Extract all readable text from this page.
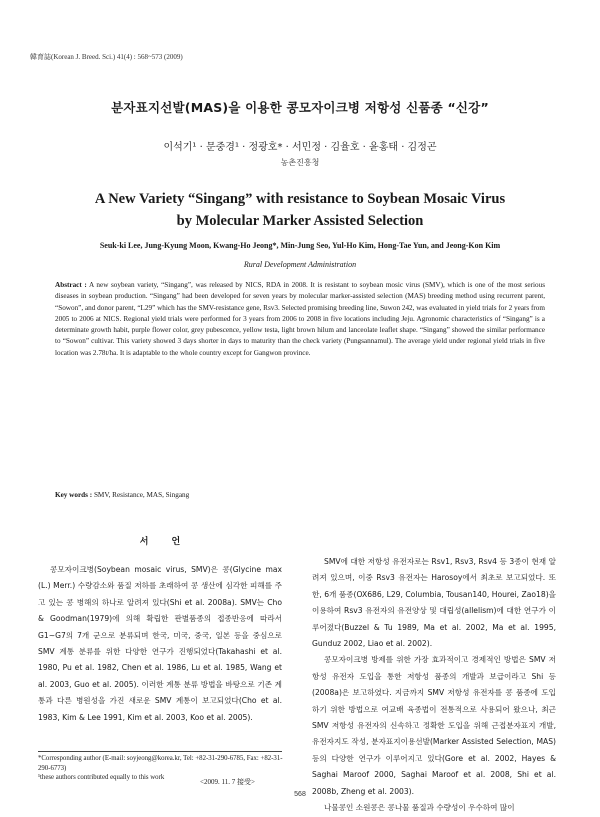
韓育誌(Korean J. Breed. Sci.) 41(4) : 568~573 (2009)
분자표지선발(MAS)을 이용한 콩모자이크병 저항성 신품종 “신강”
이석기¹ · 문중경¹ · 정광호* · 서민정 · 김율호 · 윤홍태 · 김정곤
농촌진흥청
A New Variety “Singang” with resistance to Soybean Mosaic Virus
by Molecular Marker Assisted Selection
Seuk-ki Lee, Jung-Kyung Moon, Kwang-Ho Jeong*, Min-Jung Seo, Yul-Ho Kim, Hong-Tae Yun, and Jeong-Kon Kim
Rural Development Administration
Abstract : A new soybean variety, “Singang”, was released by NICS, RDA in 2008. It is resistant to soybean mosic virus (SMV), which is one of the most serious diseases in soybean production. “Singang” had been developed for seven years by molecular marker-assisted selection (MAS) breeding method using recurrent parent, “Sowon”, and donor parent, “L29” which has the SMV-resistance gene, Rsv3. Selected promising breeding line, Suwon 242, was evaluated in yield trials for 2 years from 2005 to 2006 at NICS. Regional yield trials were performed for 3 years from 2006 to 2008 in five locations including Jeju. Agronomic characteristics of “Singang” is a determinate growth habit, purple flower color, grey pubescence, yellow testa, light brown hilum and lanceolate leaflet shape. “Singang” showed the similar performance to “Sowon” cultivar. This variety showed 3 days shorter in days to maturity than the check variety (Pungsannamul). The average yield under regional yield trials in five location was 2.78t/ha. It is adaptable to the whole country except for Gangwon province.
Key words : SMV, Resistance, MAS, Singang
서 언

콩모자이크병(Soybean mosaic virus, SMV)은 콩(Glycine max (L.) Merr.) 수량감소와 품질 저하를 초래하여 콩 생산에 심각한 피해를 주고 있는 콩 병해의 하나로 알려져 있다(Shi et al. 2008a). SMV는 Cho & Goodman(1979)에 의해 확립한 판별품종의 접종반응에 따라서 G1~G7의 7개 군으로 분류되며 한국, 미국, 중국, 일본 등을 중심으로 SMV 계통 분류를 위한 다양한 연구가 진행되었다(Takahashi et al. 1980, Pu et al. 1982, Chen et al. 1986, Lu et al. 1985, Wang et al. 2003, Guo et al. 2005). 이러한 계통 분류 방법을 바탕으로 기존 계통과 다른 병원성을 가진 새로운 SMV 계통이 보고되었다(Cho et al. 1983, Kim & Lee 1991, Kim et al. 2003, Koo et al. 2005).

SMV에 대한 저항성 유전자로는 Rsv1, Rsv3, Rsv4 등 3종이 현재 알려져 있으며, 이중 Rsv3 유전자는 Harosoy에서 최초로 보고되었다. 또한, 6개 품종(OX686, L29, Columbia, Tousan140, Hourei, Zao18)을 이용하여 Rsv3 유전자의 유전양상 및 대립성(allelism)에 대한 연구가 이루어졌다(Buzzel & Tu 1989, Ma et al. 2002, Ma et al. 1995, Gunduz 2002, Liao et al. 2002).

콩모자이크병 방제를 위한 가장 효과적이고 경제적인 방법은 SMV 저항성 유전자 도입을 통한 저항성 품종의 개발과 보급이라고 Shi 등(2008a)은 보고하였다. 지금까지 SMV 저항성 유전자를 콩 품종에 도입하기 위한 방법으로 여교배 육종법이 전통적으로 사용되어 왔으나, 최근 SMV 저항성 유전자의 신속하고 정확한 도입을 위해 근접분자표지 개발, 유전자지도 작성, 분자표지이용선발(Marker Assisted Selection, MAS) 등의 다양한 연구가 이루어지고 있다(Gore et al. 2002, Hayes & Saghai Maroof 2000, Saghai Maroof et al. 2008, Shi et al. 2008b, Zheng et al. 2003).

나물콩인 소원콩은 콩나물 품질과 수량성이 우수하여 많이

*Corresponding author (E-mail: soyjeong@korea.kr, Tel: +82-31-290-6785, Fax: +82-31-290-6773)
¹these authors contributed equally to this work
<2009. 11. 7 接受>
568
